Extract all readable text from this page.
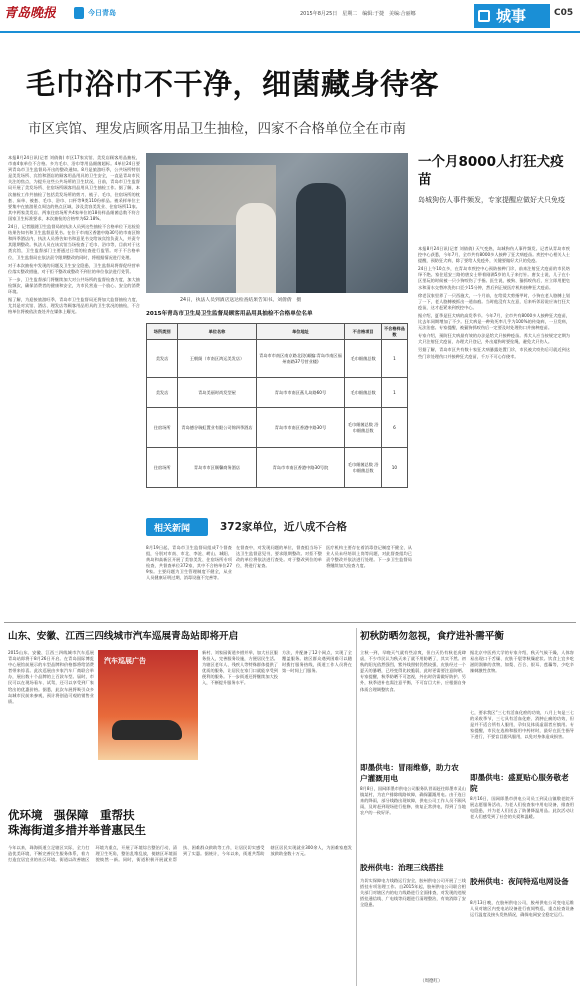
青岛晚报	今日青岛	2015年8月25日　星期二　编辑:于捷　美编:合丽娜	城事	C05
毛巾浴巾不干净，细菌藏身待客
市区宾馆、理发店顾客用品卫生抽检，四家不合格单位全在市南

本报8月24日讯(记者 刘倩倩) 市区17家宾馆、美发店顾客用品抽检，市南4家单位不合格。多为毛巾、浴巾等用品细菌超标。4单位24日要到青岛市卫生监督局开出的整改通知。8月是旅游旺季，公共场所特别是美发场所、宾馆和酒店的顾客用品用具的卫生安全，一直是青岛市民关注的焦点，为提升这些公共场所的卫生状况，日前，青岛市卫生监督局开展了美发场所、住宿场所顾客用品用具卫生抽检工作。据了解，本次抽检工作共抽检了包括美发场所的剪刀、梳子、毛巾，住宿场所的枕套、床单、被套、毛巾、浴巾、口杯等9类110份样品。被采样单位主要集中在旅游景点周边的热点区域，涉及美容美发业、住宿场所11家。其中两家美发店、两家住宿场所共4家单位的18份样品细菌总数不符合国家卫生标准要求，本次抽检的合格率为62.18%。

24日，记者跟随卫生监督局的执法人员到这些抽检不合格单位下达检验结果告知书和卫生监督意见书。在位于市南区香港中路30号的市南区锦和四季酒店内，执法人员将告知书和意见书交给该宾馆负责人，并责令其限期整改。执法人员在该宾馆当场检查了毛巾、浴巾等，目前对于这类宾馆，卫生监督部门主要通过日常的检查进行监管。对于不合格单位，卫生监督局在依法责令限期整改的同时，将根据情况进行处理。

对于本次抽检中发现的问题及卫生安全隐患，卫生监督局将督促经营单位落实整改措施，对于拒不整改或整改不到位的单位依法进行处罚。

下一步，卫生监督部门将继续加大对公共场所的监督检查力度，加大抽检频次，确保消费者的健康和安全，为市民营造一个放心、安全的消费环境。

据了解，为迎接旅游旺季，青岛市卫生监督局还将加大监督抽检力度，尤其是对宾馆、酒店、理发店等顾客用品用具的卫生状况的抽检，不合格单位将被依法查处并在媒体上曝光。

24日，执法人员到酒店送达检查结果告知书。刘倩倩　摄
2015年青岛市卫生局卫生监督局顾客用品用具抽检不合格单位名单
场所类别	单位名称	单位地址	不合格项目	不合格样品数
美发店	王朝阁（市南区鸿运美发店）	青岛市市南区南京路北段(邮编:青岛市南区福州南路37号营业楼)	毛巾细菌总数	1
美发店	青岛美丽时尚发型屋	青岛市市南区燕儿岛路60号	毛巾细菌总数	1
住宿场所	青岛德谷瑞虹置业有限公司锦四季酒店	青岛市市南区香港中路30号	毛巾细菌总数 浴巾细菌总数	6
住宿场所	青岛市市区顺馨商务酒店	青岛市市南区香港中路30号院	毛巾细菌总数 浴巾细菌总数	10
相关新闻	372家单位，近八成不合格
8月19日起，青岛市卫生监督局组成7个督查组，分别对市南、市北、李沧、崂山、城阳、黄岛和高新区开展了美容美发、住宿场所专项检查，共督查单位372家，其中不合格单位279家。主要问题为卫生管理制度不健全，从业人员健康证明过期，消毒设施不完善等。
在督查中，对发现问题的单位，督查组当场下达卫生监督意见书，要求限期整改。对拒不整改的单位将依法进行查处。对于整改到位的单位，将进行复查。
医疗机构主要存在着消毒登记制度不健全、从业人员未经培训上岗等问题，对此督查组均已责令整改并依法进行处理。下一步卫生监督局将继续加大检查力度。
一个月8000人打狂犬疫苗
岛城狗伤人事件频发，专家提醒应做好犬只免疫

本报8月24日讯(记者 刘倩倩) 天气变热，岛城狗伤人事件频发。记者从青岛市疾控中心获悉，今年7月，全市共有8000多人接种了狂犬病疫苗。疾控中心相关人士提醒，预防狂犬病，除了要给人免疫外，关键要做好犬只的免疫。

24日上午10点多，在青岛市疾控中心预防接种门诊，前来注射狂犬疫苗的市民络绎不绝。家住延安三路的唐女士带着刚满5岁的儿子来打针。唐女士说，儿子在小区里玩的时候被一只小狗咬伤了手指。医生说，被狗、猫抓咬伤后，应立即用肥皂水和清水交替冲洗伤口至少15分钟，然后到正规医疗机构接种狂犬疫苗。

徐老汉家里养了一只西施犬，一个月前，在给爱犬剪指甲时，小狗在老人胳膊上划了一下，老人胳膊被抓出一道血痕。当时他没有太在意，后来听邻居说应该打狂犬疫苗，这才赶紧来到疾控中心。

据介绍，夏季是狂犬病的高发季节。今年7月，全市共有8000多人接种狂犬疫苗，比去年同期增加了不少。狂犬病是一种致死率几乎为100%的传染病，一旦发病，无法治愈。专家提醒，被猫狗抓咬伤后一定要及时处理伤口并接种疫苗。

专家介绍，预防狂犬病最有效的办法是给犬只接种疫苗。养犬人应当按规定定期为犬只注射狂犬疫苗，办理犬只登记，外出遛狗时要拴绳，避免犬只伤人。

另据了解，青岛市区共有数十家狂犬病暴露处置门诊，市民被犬咬伤后可就近到这些门诊处理伤口并接种狂犬疫苗，千万不可心存侥幸。

山东、安徽、江西三四线城市汽车巡展青岛站即将开启
2015山东、安徽、江西三四线城市汽车巡展青岛站即将于8月26日开启。在青岛国际博览中心展馆前展示的车型品牌和价格都将给消费者带来惊喜。此次巡展由多家汽车厂商联合举办，展出数十个品牌的上百款车型。届时，市民可以在现场看车、试驾，还可以享受到厂家给出的优惠价格。据悉，此次车展将吸引众多岛城市民前来参观，预计将创造可观的销售业绩。
汽车巡展广告
新村、刘家园街道多措并举，加大社区服务投入，完善服务设施，方便居民生活。为辖区老年人、残疾人等特殊群体提供了优质的服务，让居民在家门口就能享受到便利的服务。下一步街道还将继续加大投入，不断提升服务水平。
方法，并配备了12个网点，实现了全覆盖服务。辖区群众遇到困难可以随时拨打服务热线，街道工作人员将在第一时间上门服务。
优环境　强保障　重帮扶
珠海街道多措并举普惠民生
今年以来，珠海街道立足辖区实际，全力打造优美环境，不断完善民生服务体系，着力打造宜居宜业的社区环境。街道以改善辖区环境为重点，开展了环境综合整治行动，清理卫生死角，整治乱堆乱放，使辖区环境面貌焕然一新。同时，街道积极开展就业帮扶、困难群众救助等工作，让居民切实感受到了实惠。据统计，今年以来，街道共帮助辖区居民实现就业300余人，为困难家庭发放救助金数十万元。
初秋防晒勿忽视，食疗进补需平衡
立秋一到，早晚天气就有些凉爽，但白天仍有秋老虎肆虐，不少市民认为秋天来了就不用防晒了，其实不然。初秋的阳光依然强烈，紫外线照射仍然较强，皮肤经过一个夏天的暴晒，已经变得比较脆弱，此时更需要注意防晒。专家提醒，秋季防晒不可忽视，外出时仍需做好防护。另外，秋季进补也需注意平衡，不可盲目大补，应根据自身体质合理调整饮食。
据北京中医药大学的专家介绍，秋天气候干燥，人体容易出现口干舌燥、皮肤干裂等秋燥症状。饮食上宜多吃滋阴润肺的食物，如梨、百合、银耳、莲藕等，少吃辛辣刺激性食物。
七，要求我区“三七有活血化瘀的功效，八月上旬是三七的采收季节，三七具有活血化瘀、消肿止痛的功效，但是并不适合所有人服用，孕妇及体质虚弱者应慎用。专家提醒，市民在选购和服用中药材时，最好在医生指导下进行，不要盲目跟风服用，以免对身体造成损害。
即墨供电：冒雨维修，助力农户灌溉用电
8月8日，国网即墨市供电公司服务队冒雨赶往即墨市灵山镇某村，为农户排除线路故障，确保灌溉用电。由于连日来的降雨，部分线路出现故障，供电公司工作人员不顾风雨，及时赶到现场进行抢修，恢复正常供电，得到了当地农户的一致好评。
胶州供电：治理三线搭挂
为切实保障电力线路运行安全，胶州供电公司开展了三线搭挂专项治理工作。自2015年起，胶州供电公司联合相关部门对辖区内的电力线路进行全面排查，对发现的违规搭挂通信线、广电线等问题进行清理整治，有效消除了安全隐患。
（周德红）
即墨供电：盛夏贴心服务敬老院
8月16日，国网即墨市供电公司员工到灵山镇敬老院开展志愿服务活动，为老人们检查家中用电设备，排查用电隐患，并为老人们送去了防暑降温用品。此次活动让老人们感受到了社会的关爱和温暖。
胶州供电：夜间特巡电网设备
8月13日晚，在胶州供电公司，胶州供电公司变电运维人员对辖区内变电站设备进行夜间特巡，重点检查设备运行温度及接头发热情况，确保电网安全稳定运行。
